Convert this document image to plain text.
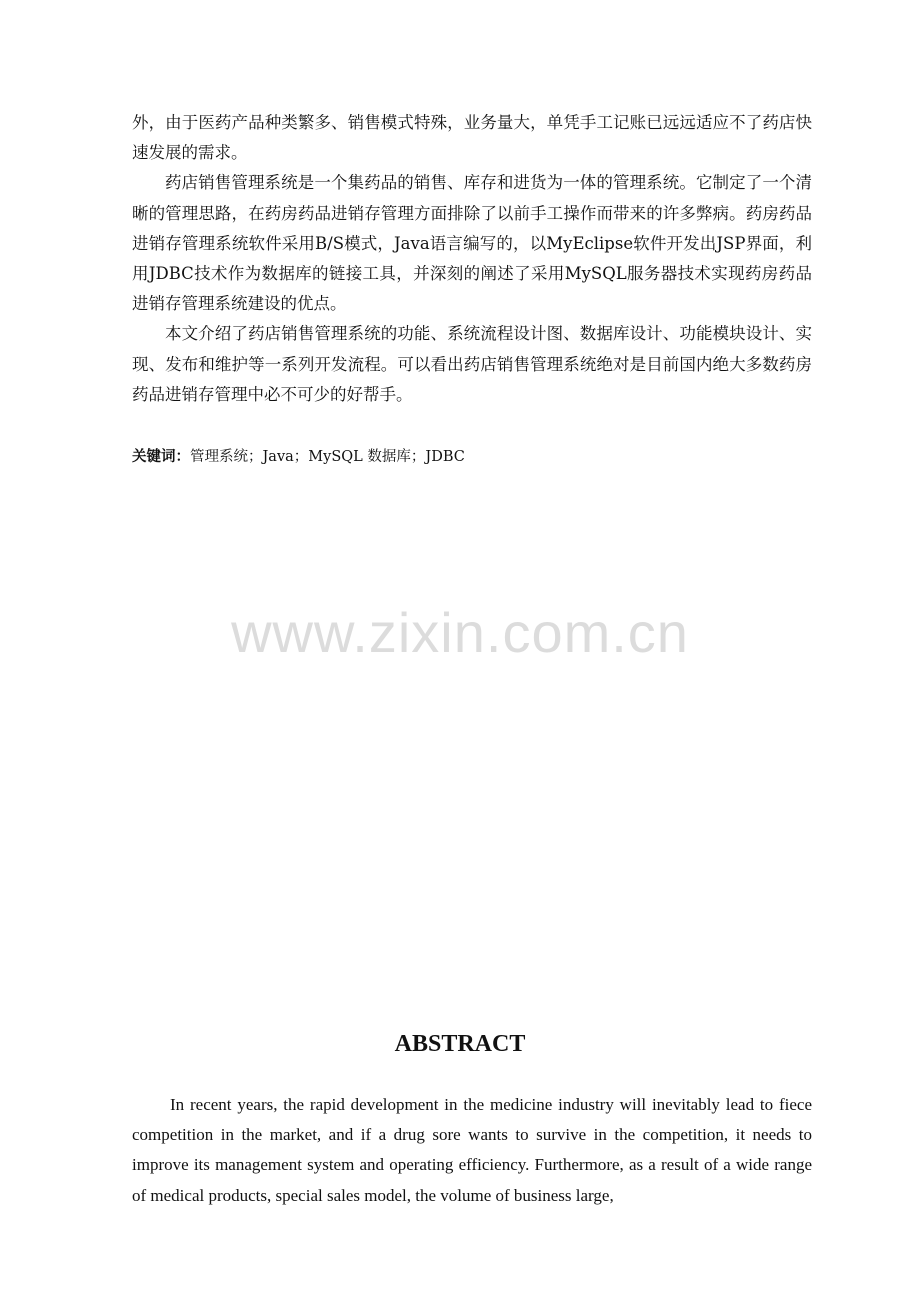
外，由于医药产品种类繁多、销售模式特殊，业务量大，单凭手工记账已远远适应不了药店快速发展的需求。

药店销售管理系统是一个集药品的销售、库存和进货为一体的管理系统。它制定了一个清晰的管理思路，在药房药品进销存管理方面排除了以前手工操作而带来的许多弊病。药房药品进销存管理系统软件采用B/S模式，Java语言编写的，以MyEclipse软件开发出JSP界面，利用JDBC技术作为数据库的链接工具，并深刻的阐述了采用MySQL服务器技术实现药房药品进销存管理系统建设的优点。

本文介绍了药店销售管理系统的功能、系统流程设计图、数据库设计、功能模块设计、实现、发布和维护等一系列开发流程。可以看出药店销售管理系统绝对是目前国内绝大多数药房药品进销存管理中必不可少的好帮手。

关键词：管理系统；Java；MySQL 数据库；JDBC
www.zixin.com.cn
ABSTRACT

In recent years, the rapid development in the medicine industry will inevitably lead to fiece competition in the market, and if a drug sore wants to survive in the competition, it needs to improve its management system and operating efficiency. Furthermore, as a result of a wide range of medical products, special sales model, the volume of business large,
